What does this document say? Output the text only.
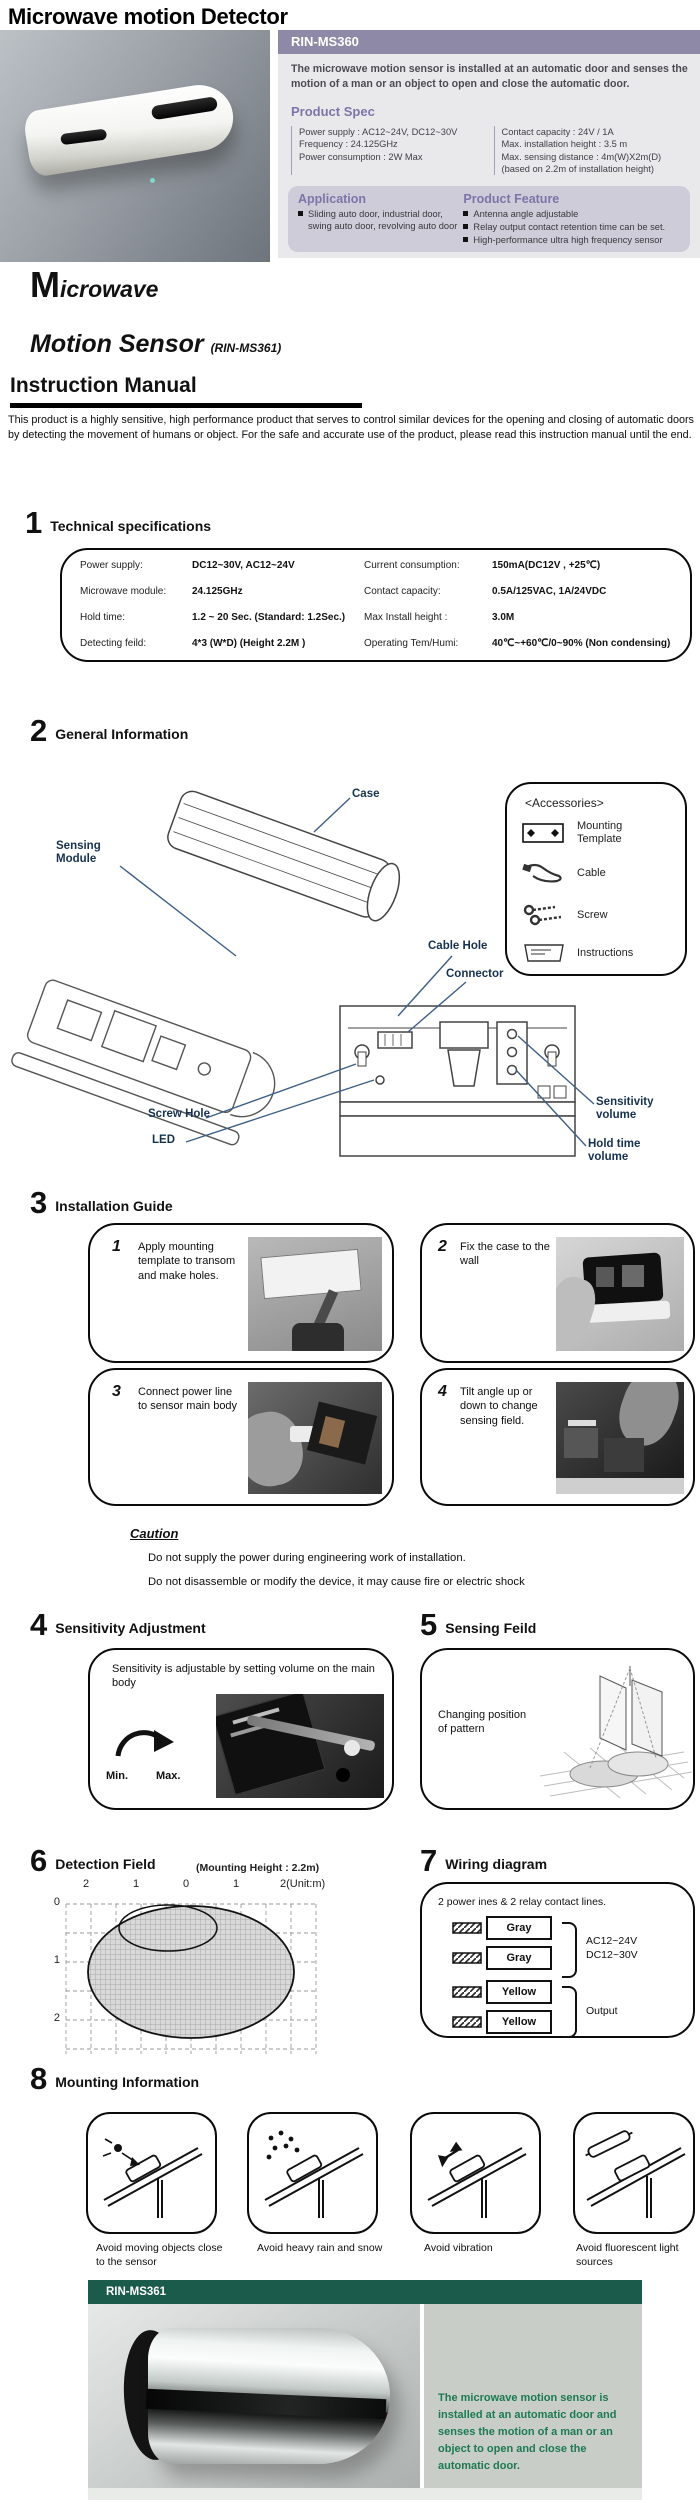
Microwave motion Detector
RIN-MS360
The microwave motion sensor is installed at an automatic door and senses the motion of a man or an object to open and close the automatic door.
Product Spec
Power supply : AC12~24V, DC12~30V
Frequency : 24.125GHz
Power consumption : 2W Max
Contact capacity : 24V / 1A
Max. installation height : 3.5 m
Max. sensing distance : 4m(W)X2m(D)
(based on 2.2m of installation height)
Application
Sliding auto door, industrial door, swing auto door, revolving auto door
Product Feature
Antenna angle adjustable
Relay output contact retention time can be set.
High-performance ultra high frequency sensor
Microwave
Motion Sensor (RIN-MS361)
Instruction Manual
This product is a highly sensitive, high performance product that serves to control similar devices for the opening and closing of automatic doors by detecting the movement of humans or object. For the safe and accurate use of the product, please read this instruction manual until the end.
1 Technical specifications
Power supply:	DC12~30V, AC12~24V	Current consumption:	150mA(DC12V , +25℃)
Microwave module:	24.125GHz	Contact capacity:	0.5A/125VAC, 1A/24VDC
Hold time:	1.2 ~ 20 Sec. (Standard: 1.2Sec.)	Max Install height :	3.0M
Detecting feild:	4*3 (W*D) (Height 2.2M )	Operating Tem/Humi:	40℃~+60℃/0~90% (Non condensing)
2 General Information
Case
Sensing Module
Cable Hole
Connector
Screw Hole
LED
Sensitivity volume
Hold time volume
<Accessories>
Mounting Template
Cable
Screw
Instructions
3 Installation Guide
1 Apply mounting template to transom and make holes.
2 Fix the case to the wall
3 Connect power line to sensor main body
4 Tilt angle up or down to change sensing field.
Caution
Do not supply the power during engineering work of installation.
Do not disassemble or modify the device, it may cause fire or electric shock
4 Sensitivity Adjustment	5 Sensing Feild
Sensitivity is adjustable by setting volume on the main body
Min.	Max.
Changing position of pattern
6 Detection Field	(Mounting Height : 2.2m)	7 Wiring diagram
2	1	0	1	2(Unit:m)
0
1
2
2 power ines & 2 relay contact lines.
Gray
Gray
Yellow
Yellow
AC12~24V
DC12~30V
Output
8 Mounting Information
Avoid moving objects close to the sensor
Avoid heavy rain and snow	Avoid vibration	Avoid fluorescent light sources
RIN-MS361
The microwave motion sensor is installed at an automatic door and senses the motion of a man or an object to open and close the automatic door.
